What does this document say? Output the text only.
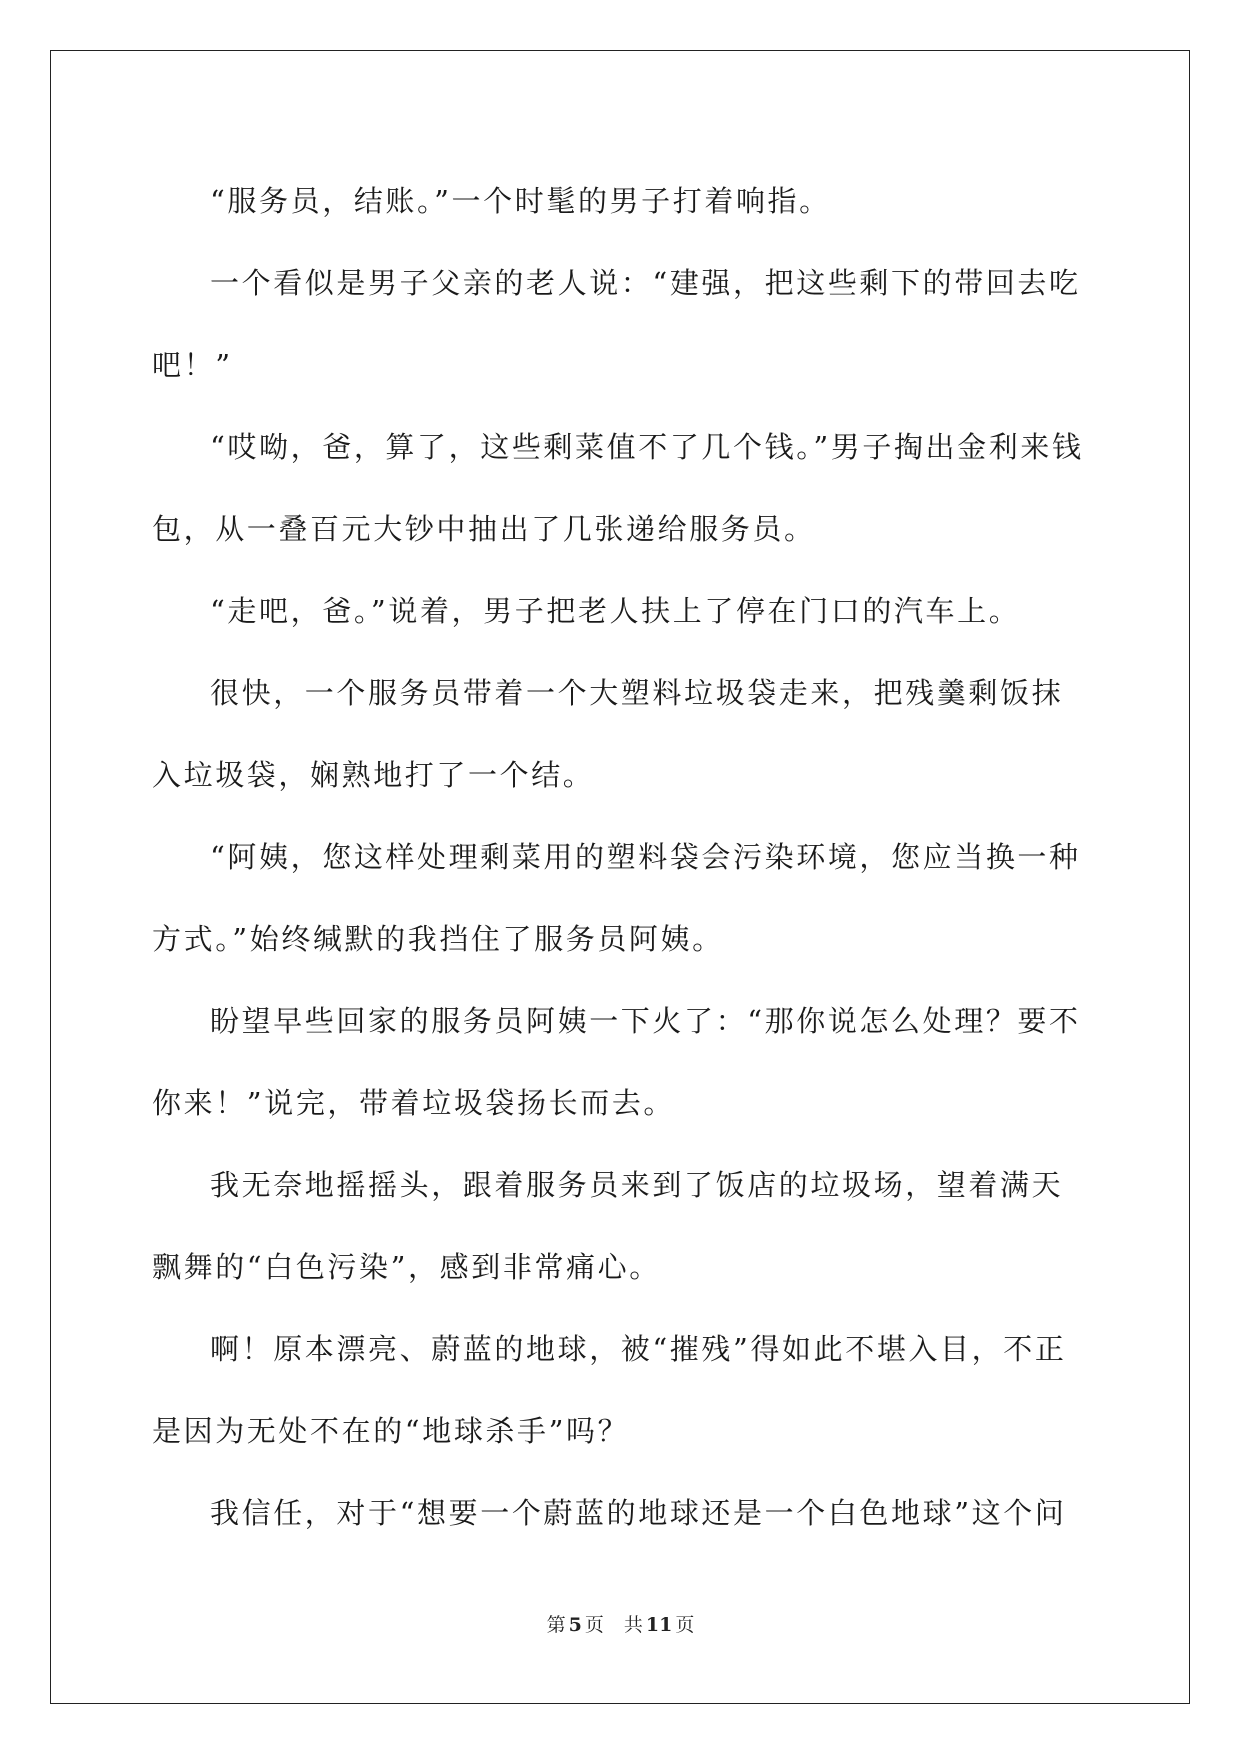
“服务员，结账。”一个时髦的男子打着响指。

一个看似是男子父亲的老人说：“建强，把这些剩下的带回去吃吧！”

“哎呦，爸，算了，这些剩菜值不了几个钱。”男子掏出金利来钱包，从一叠百元大钞中抽出了几张递给服务员。

“走吧，爸。”说着，男子把老人扶上了停在门口的汽车上。

很快，一个服务员带着一个大塑料垃圾袋走来，把残羹剩饭抹入垃圾袋，娴熟地打了一个结。

“阿姨，您这样处理剩菜用的塑料袋会污染环境，您应当换一种方式。”始终缄默的我挡住了服务员阿姨。

盼望早些回家的服务员阿姨一下火了：“那你说怎么处理？要不你来！”说完，带着垃圾袋扬长而去。

我无奈地摇摇头，跟着服务员来到了饭店的垃圾场，望着满天飘舞的“白色污染”，感到非常痛心。

啊！原本漂亮、蔚蓝的地球，被“摧残”得如此不堪入目，不正是因为无处不在的“地球杀手”吗？

我信任，对于“想要一个蔚蓝的地球还是一个白色地球”这个问

第 5 页 共 11 页
